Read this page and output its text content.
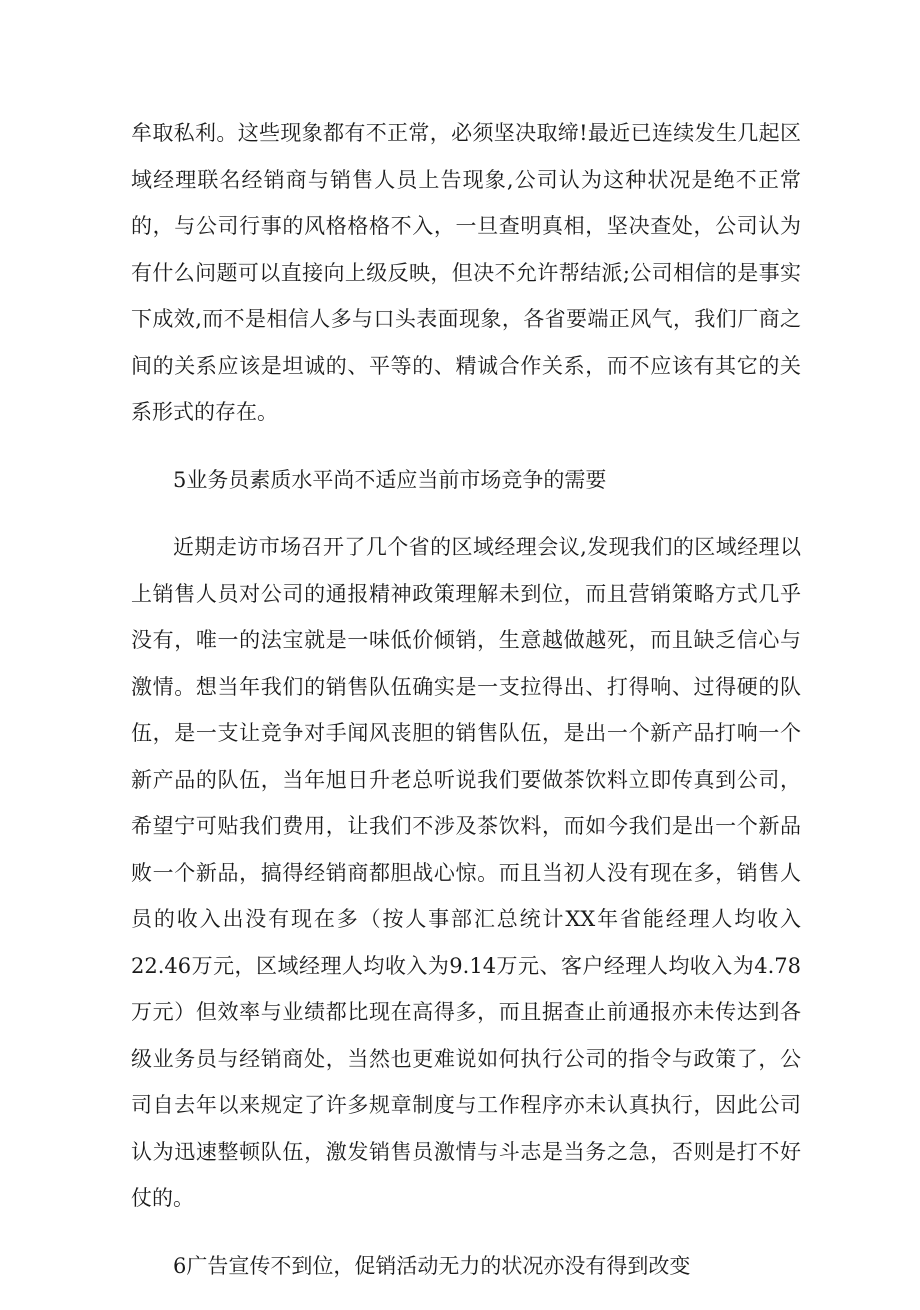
牟取私利。这些现象都有不正常，必须坚决取缔!最近已连续发生几起区域经理联名经销商与销售人员上告现象,公司认为这种状况是绝不正常的，与公司行事的风格格格不入，一旦查明真相，坚决查处，公司认为有什么问题可以直接向上级反映，但决不允许帮结派;公司相信的是事实下成效,而不是相信人多与口头表面现象，各省要端正风气，我们厂商之间的关系应该是坦诚的、平等的、精诚合作关系，而不应该有其它的关系形式的存在。

5业务员素质水平尚不适应当前市场竞争的需要

近期走访市场召开了几个省的区域经理会议,发现我们的区域经理以上销售人员对公司的通报精神政策理解未到位，而且营销策略方式几乎没有，唯一的法宝就是一味低价倾销，生意越做越死，而且缺乏信心与激情。想当年我们的销售队伍确实是一支拉得出、打得响、过得硬的队伍，是一支让竞争对手闻风丧胆的销售队伍，是出一个新产品打响一个新产品的队伍，当年旭日升老总听说我们要做茶饮料立即传真到公司，希望宁可贴我们费用，让我们不涉及茶饮料，而如今我们是出一个新品败一个新品，搞得经销商都胆战心惊。而且当初人没有现在多，销售人员的收入出没有现在多（按人事部汇总统计XX年省能经理人均收入22.46万元，区域经理人均收入为9.14万元、客户经理人均收入为4.78万元）但效率与业绩都比现在高得多，而且据查止前通报亦未传达到各级业务员与经销商处，当然也更难说如何执行公司的指令与政策了，公司自去年以来规定了许多规章制度与工作程序亦未认真执行，因此公司认为迅速整顿队伍，激发销售员激情与斗志是当务之急，否则是打不好仗的。

6广告宣传不到位，促销活动无力的状况亦没有得到改变
